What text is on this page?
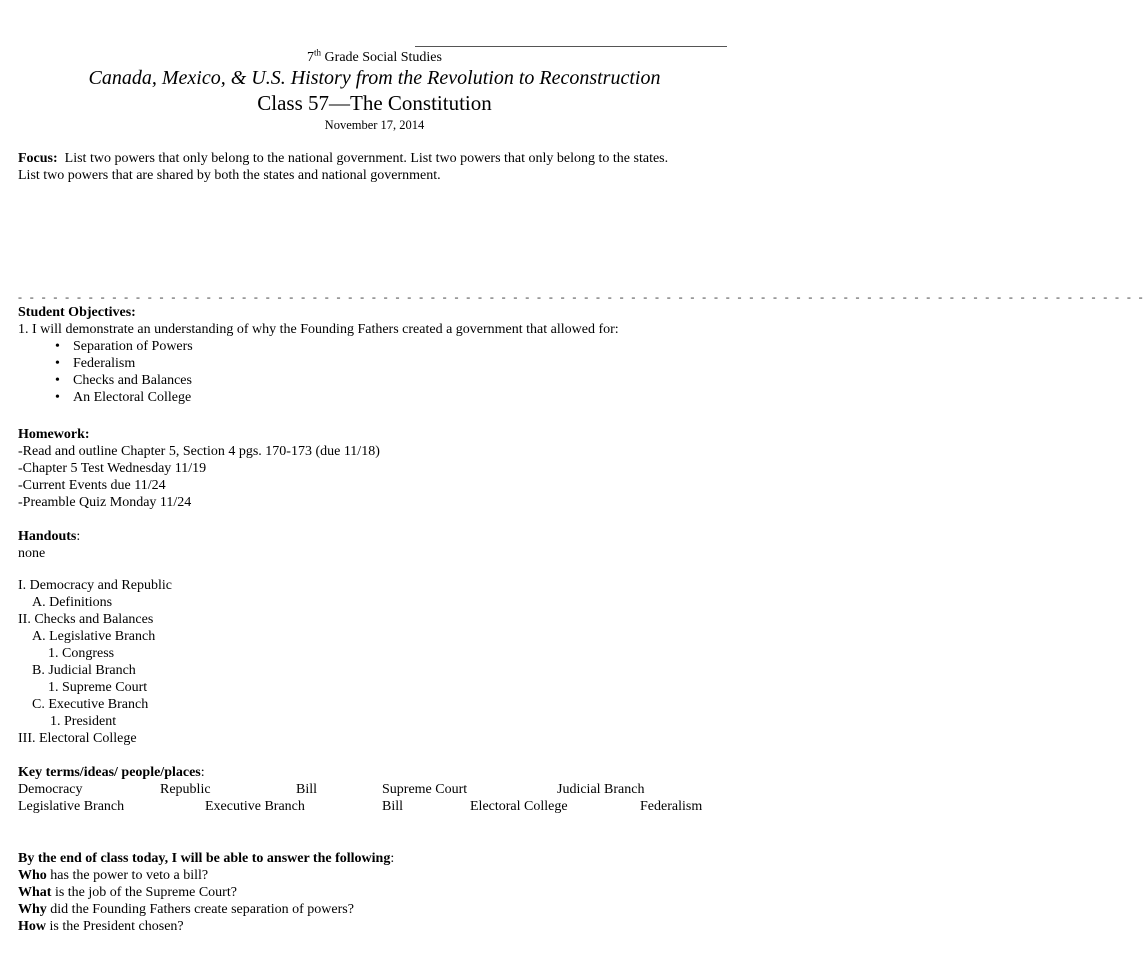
7th Grade Social Studies
Canada, Mexico, & U.S. History from the Revolution to Reconstruction
Class 57—The Constitution
November 17, 2014
Focus: List two powers that only belong to the national government. List two powers that only belong to the states.
List two powers that are shared by both the states and national government.
- - - - - - - - - - - - - - - - - - - - - - - - - - - - - - - - - - - - - - - - - - - - - - - - - - - - - - - - - - - - - - - - - - - - - - - - - - - - - - - - - - - - - - - - - - - - - - - -
Student Objectives:
1. I will demonstrate an understanding of why the Founding Fathers created a government that allowed for:
• Separation of Powers
• Federalism
• Checks and Balances
• An Electoral College
Homework:
-Read and outline Chapter 5, Section 4 pgs. 170-173 (due 11/18)
-Chapter 5 Test Wednesday 11/19
-Current Events due 11/24
-Preamble Quiz Monday 11/24
Handouts:
none
I. Democracy and Republic
A. Definitions
II. Checks and Balances
A. Legislative Branch
1. Congress
B. Judicial Branch
1. Supreme Court
C. Executive Branch
1. President
III. Electoral College
Key terms/ideas/ people/places:
Democracy	Republic	Bill	Supreme Court	Judicial Branch
Legislative Branch	Executive Branch	Bill	Electoral College	Federalism
By the end of class today, I will be able to answer the following:
Who has the power to veto a bill?
What is the job of the Supreme Court?
Why did the Founding Fathers create separation of powers?
How is the President chosen?
